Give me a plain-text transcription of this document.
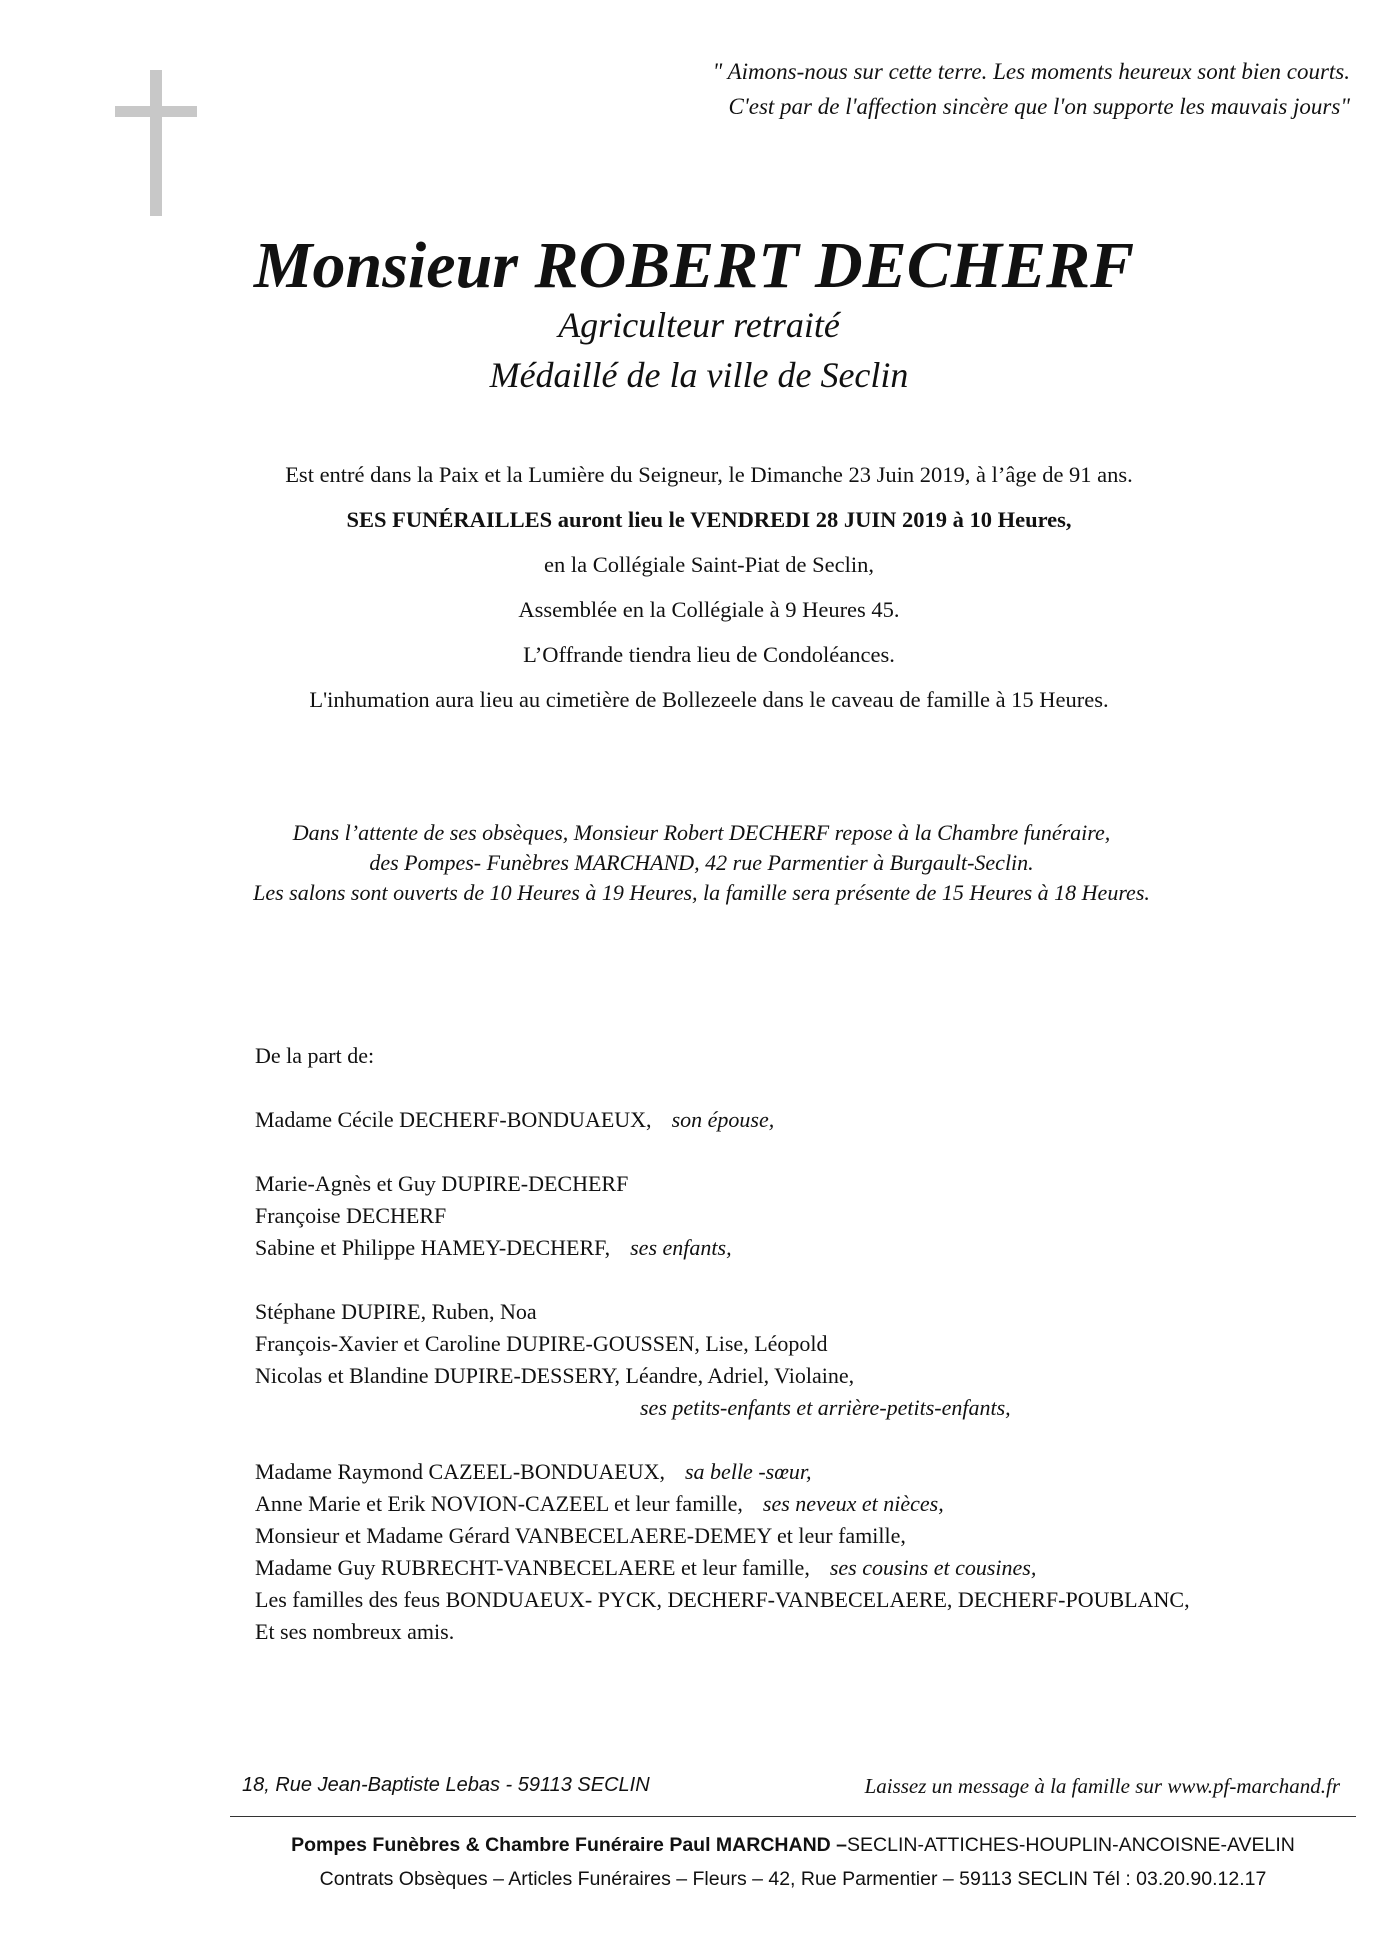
" Aimons-nous sur cette terre. Les moments heureux sont bien courts.
C'est par de l'affection sincère que l'on supporte les mauvais jours"
Monsieur ROBERT DECHERF
Agriculteur retraité
Médaillé de la ville de Seclin
Est entré dans la Paix et la Lumière du Seigneur, le Dimanche 23 Juin 2019, à l’âge de 91 ans.
SES FUNÉRAILLES auront lieu le VENDREDI 28 JUIN 2019 à 10 Heures,
en la Collégiale Saint-Piat de Seclin,
Assemblée en la Collégiale à 9 Heures 45.
L’Offrande tiendra lieu de Condoléances.
L'inhumation aura lieu au cimetière de Bollezeele dans le caveau de famille à 15 Heures.
Dans l’attente de ses obsèques, Monsieur Robert DECHERF repose à la Chambre funéraire,
des Pompes- Funèbres MARCHAND, 42 rue Parmentier à Burgault-Seclin.
Les salons sont ouverts de 10 Heures à 19 Heures, la famille sera présente de 15 Heures à 18 Heures.
De la part de:
Madame Cécile DECHERF-BONDUAEUX, son épouse,
Marie-Agnès et Guy DUPIRE-DECHERF
Françoise DECHERF
Sabine et Philippe HAMEY-DECHERF, ses enfants,
Stéphane DUPIRE, Ruben, Noa
François-Xavier et Caroline DUPIRE-GOUSSEN, Lise, Léopold
Nicolas et Blandine DUPIRE-DESSERY, Léandre, Adriel, Violaine,
ses petits-enfants et arrière-petits-enfants,
Madame Raymond CAZEEL-BONDUAEUX, sa belle -sœur,
Anne Marie et Erik NOVION-CAZEEL et leur famille, ses neveux et nièces,
Monsieur et Madame Gérard VANBECELAERE-DEMEY et leur famille,
Madame Guy RUBRECHT-VANBECELAERE et leur famille, ses cousins et cousines,
Les familles des feus BONDUAEUX- PYCK, DECHERF-VANBECELAERE, DECHERF-POUBLANC,
Et ses nombreux amis.
18, Rue Jean-Baptiste Lebas - 59113 SECLIN	Laissez un message à la famille sur www.pf-marchand.fr
Pompes Funèbres & Chambre Funéraire Paul MARCHAND –SECLIN-ATTICHES-HOUPLIN-ANCOISNE-AVELIN
Contrats Obsèques – Articles Funéraires – Fleurs – 42, Rue Parmentier – 59113 SECLIN Tél : 03.20.90.12.17
